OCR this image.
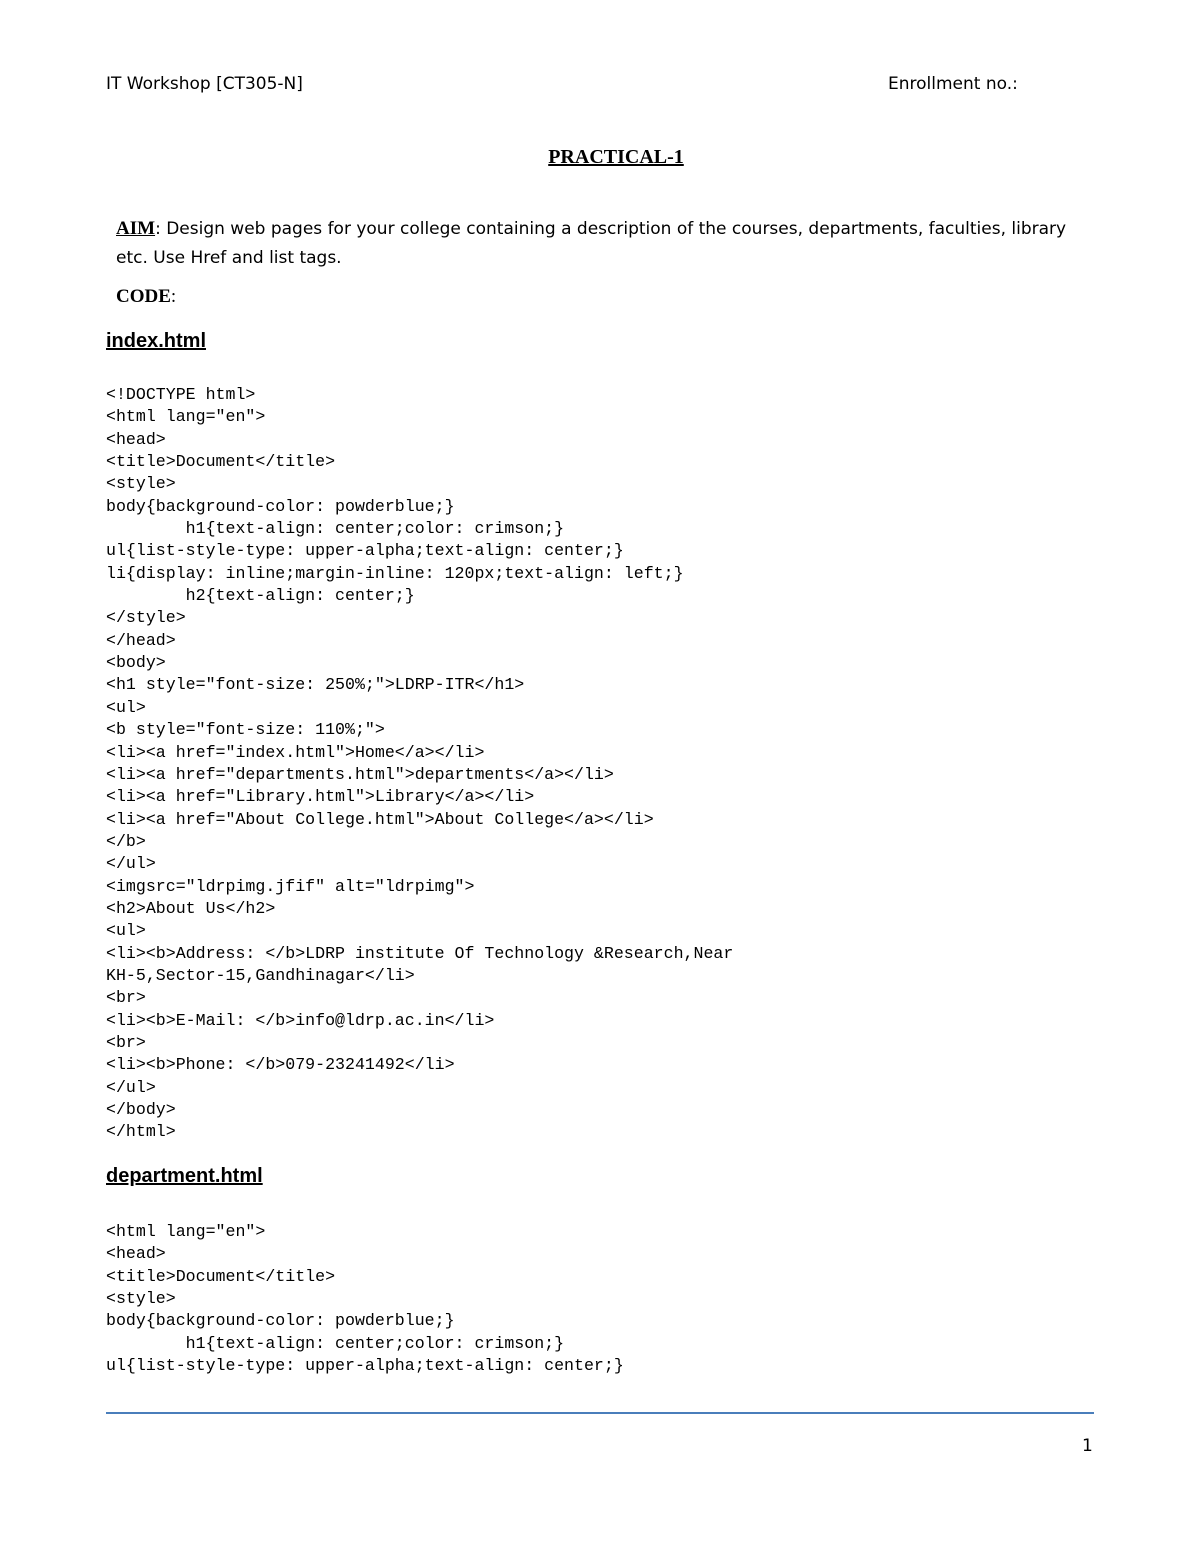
IT Workshop [CT305-N]	Enrollment no.:
PRACTICAL-1
AIM: Design web pages for your college containing a description of the courses, departments, faculties, library etc. Use Href and list tags.
CODE:
index.html
<!DOCTYPE html>
<html lang="en">
<head>
<title>Document</title>
<style>
body{background-color: powderblue;}
h1{text-align: center;color: crimson;}
ul{list-style-type: upper-alpha;text-align: center;}
li{display: inline;margin-inline: 120px;text-align: left;}
h2{text-align: center;}
</style>
</head>
<body>
<h1 style="font-size: 250%;">LDRP-ITR</h1>
<ul>
<b style="font-size: 110%;">
<li><a href="index.html">Home</a></li>
<li><a href="departments.html">departments</a></li>
<li><a href="Library.html">Library</a></li>
<li><a href="About College.html">About College</a></li>
</b>
</ul>
<imgsrc="ldrpimg.jfif" alt="ldrpimg">
<h2>About Us</h2>
<ul>
<li><b>Address: </b>LDRP institute Of Technology &Research,Near
KH-5,Sector-15,Gandhinagar</li>
<br>
<li><b>E-Mail: </b>info@ldrp.ac.in</li>
<br>
<li><b>Phone: </b>079-23241492</li>
</ul>
</body>
</html>
department.html
<html lang="en">
<head>
<title>Document</title>
<style>
body{background-color: powderblue;}
h1{text-align: center;color: crimson;}
ul{list-style-type: upper-alpha;text-align: center;}
1
